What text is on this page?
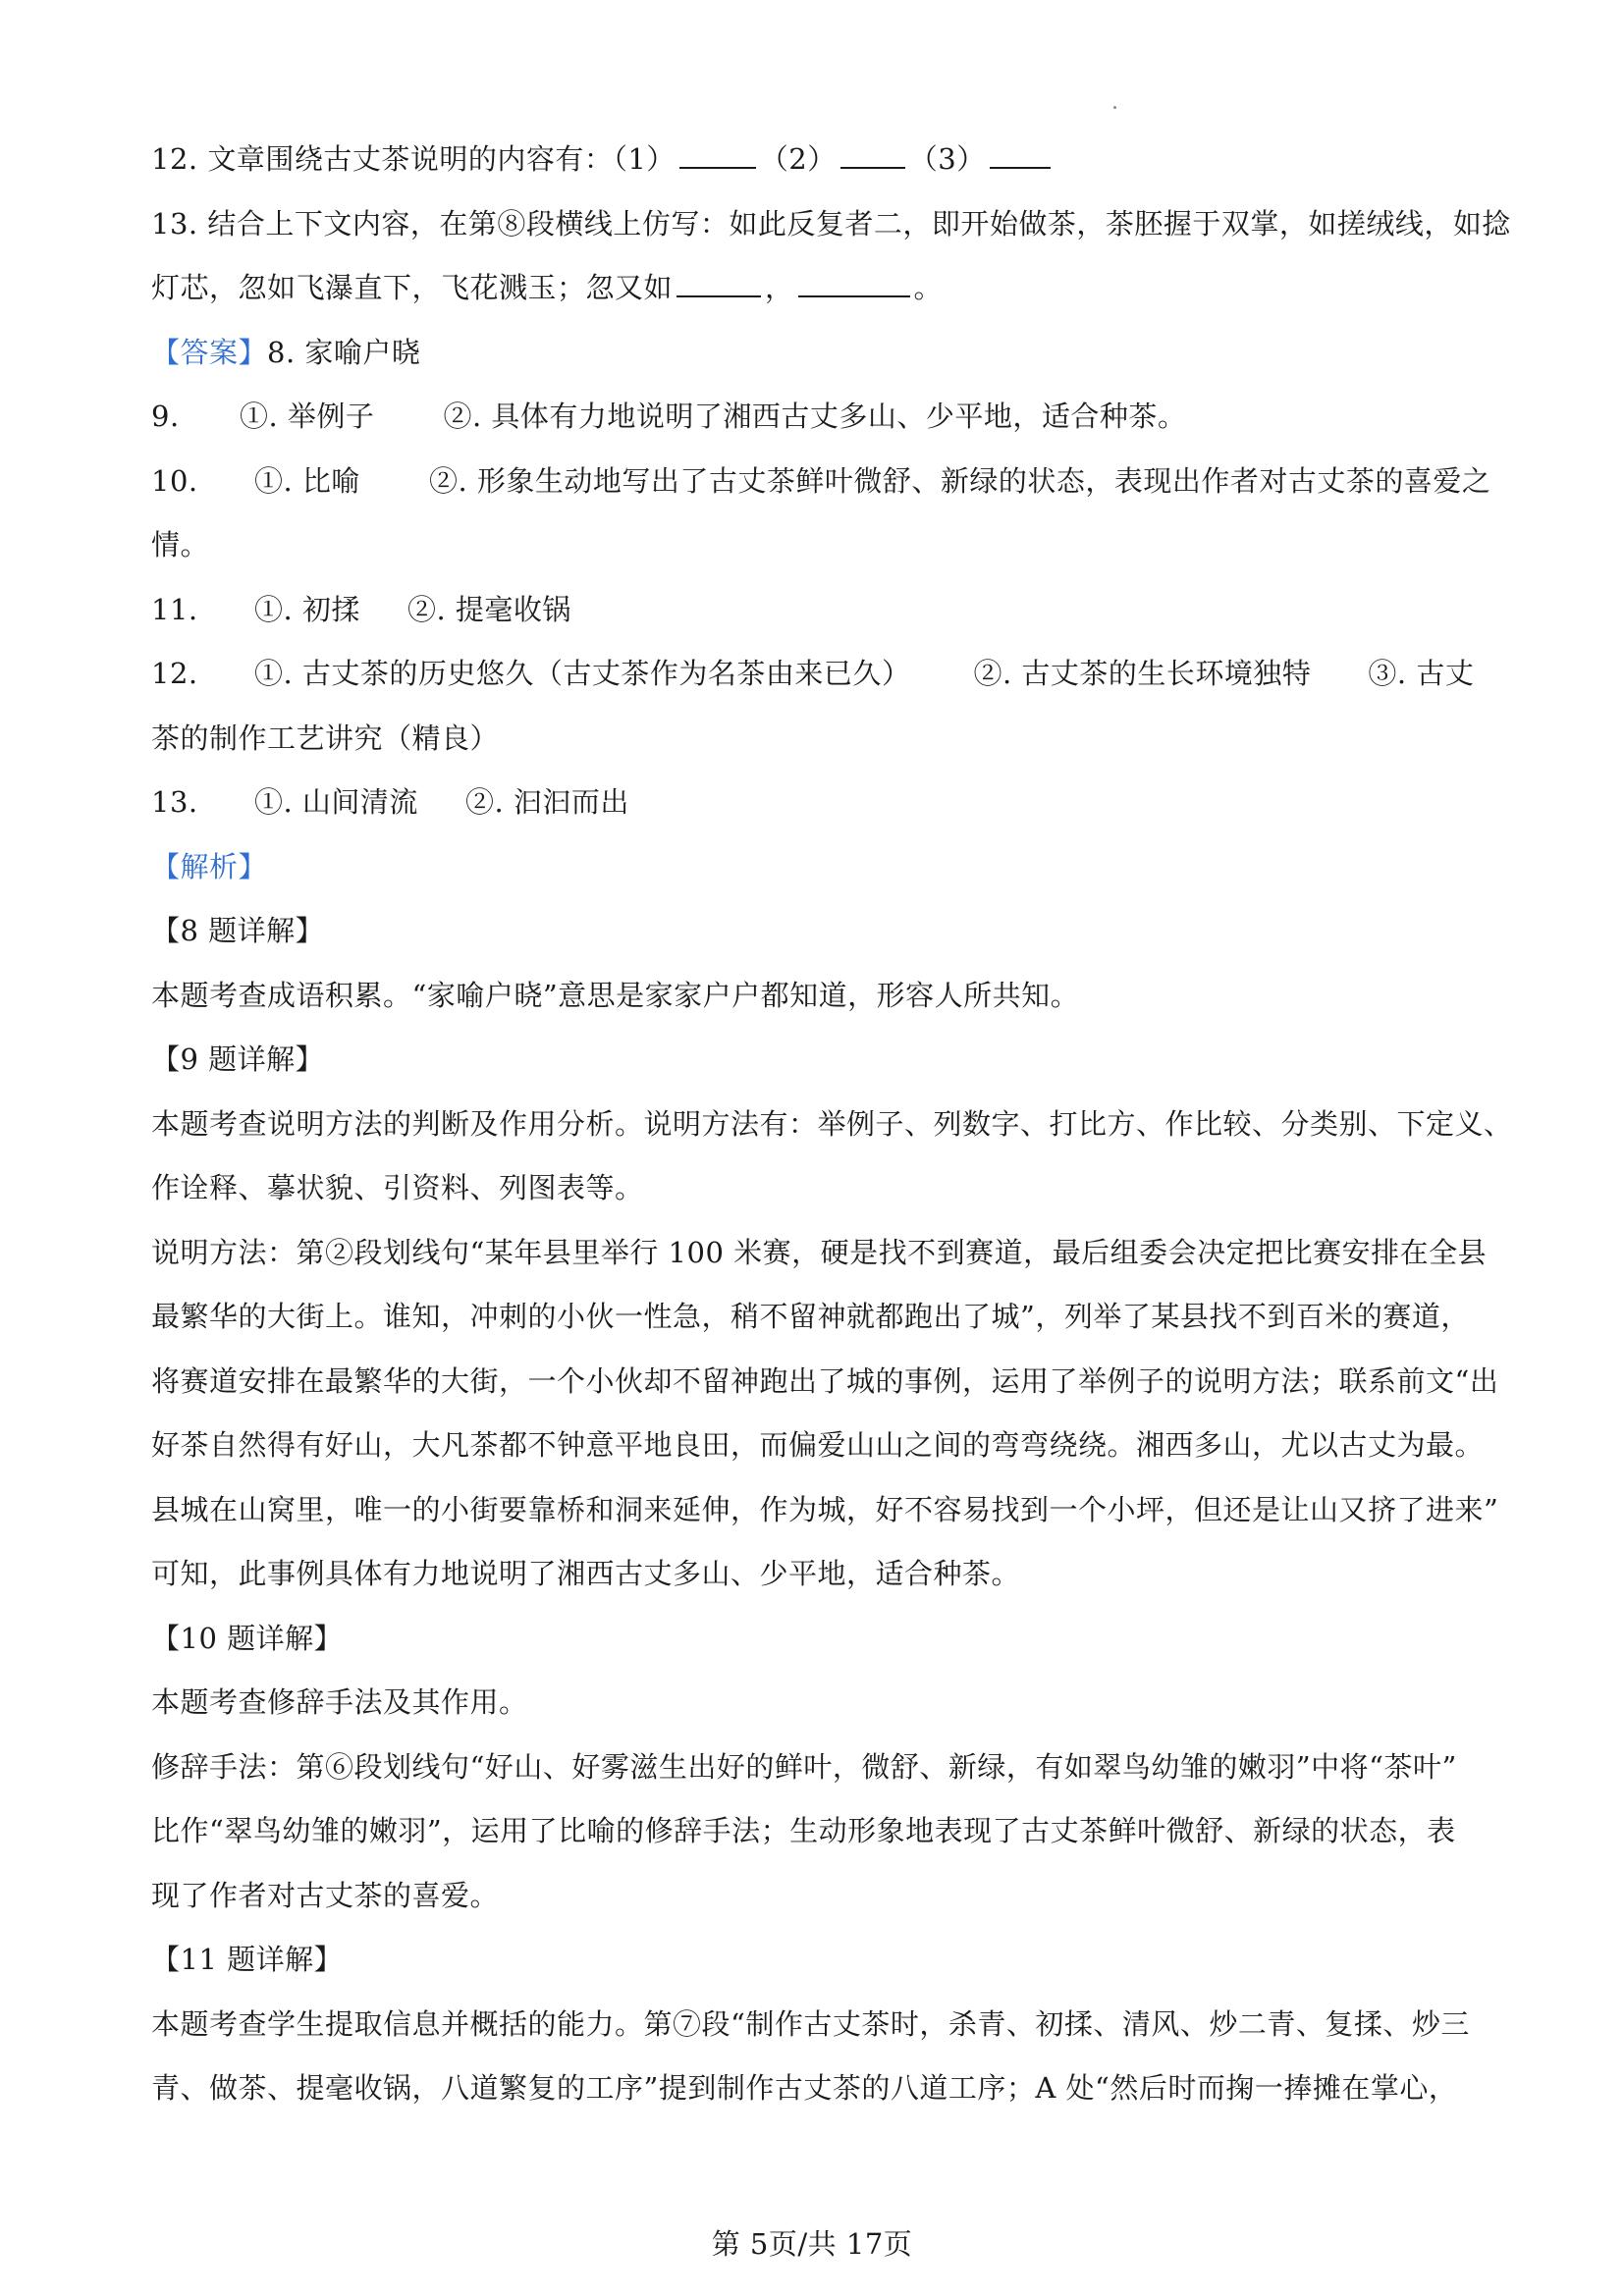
12. 文章围绕古丈茶说明的内容有：（1）	（2）	（3）
13. 结合上下文内容，在第⑧段横线上仿写：如此反复者二，即开始做茶，茶胚握于双掌，如搓绒线，如捻
灯芯，忽如飞瀑直下，飞花溅玉；忽又如	，	。
【答案】8. 家喻户晓
9. ①. 举例子 ②. 具体有力地说明了湘西古丈多山、少平地，适合种茶。
10. ①. 比喻 ②. 形象生动地写出了古丈茶鲜叶微舒、新绿的状态，表现出作者对古丈茶的喜爱之
情。
11. ①. 初揉 ②. 提毫收锅
12. ①. 古丈茶的历史悠久（古丈茶作为名茶由来已久） ②. 古丈茶的生长环境独特 ③. 古丈
茶的制作工艺讲究（精良）
13. ①. 山间清流 ②. 汩汩而出
【解析】
【8 题详解】
本题考查成语积累。“家喻户晓”意思是家家户户都知道，形容人所共知。
【9 题详解】
本题考查说明方法的判断及作用分析。说明方法有：举例子、列数字、打比方、作比较、分类别、下定义、
作诠释、摹状貌、引资料、列图表等。
说明方法：第②段划线句“某年县里举行 100 米赛，硬是找不到赛道，最后组委会决定把比赛安排在全县
最繁华的大街上。谁知，冲刺的小伙一性急，稍不留神就都跑出了城”，列举了某县找不到百米的赛道，
将赛道安排在最繁华的大街，一个小伙却不留神跑出了城的事例，运用了举例子的说明方法；联系前文“出
好茶自然得有好山，大凡茶都不钟意平地良田，而偏爱山山之间的弯弯绕绕。湘西多山，尤以古丈为最。
县城在山窝里，唯一的小街要靠桥和洞来延伸，作为城，好不容易找到一个小坪，但还是让山又挤了进来”
可知，此事例具体有力地说明了湘西古丈多山、少平地，适合种茶。
【10 题详解】
本题考查修辞手法及其作用。
修辞手法：第⑥段划线句“好山、好雾滋生出好的鲜叶，微舒、新绿，有如翠鸟幼雏的嫩羽”中将“茶叶”
比作“翠鸟幼雏的嫩羽”，运用了比喻的修辞手法；生动形象地表现了古丈茶鲜叶微舒、新绿的状态，表
现了作者对古丈茶的喜爱。
【11 题详解】
本题考查学生提取信息并概括的能力。第⑦段“制作古丈茶时，杀青、初揉、清风、炒二青、复揉、炒三
青、做茶、提毫收锅，八道繁复的工序”提到制作古丈茶的八道工序；A 处“然后时而掬一捧摊在掌心，
第 5页/共 17页
